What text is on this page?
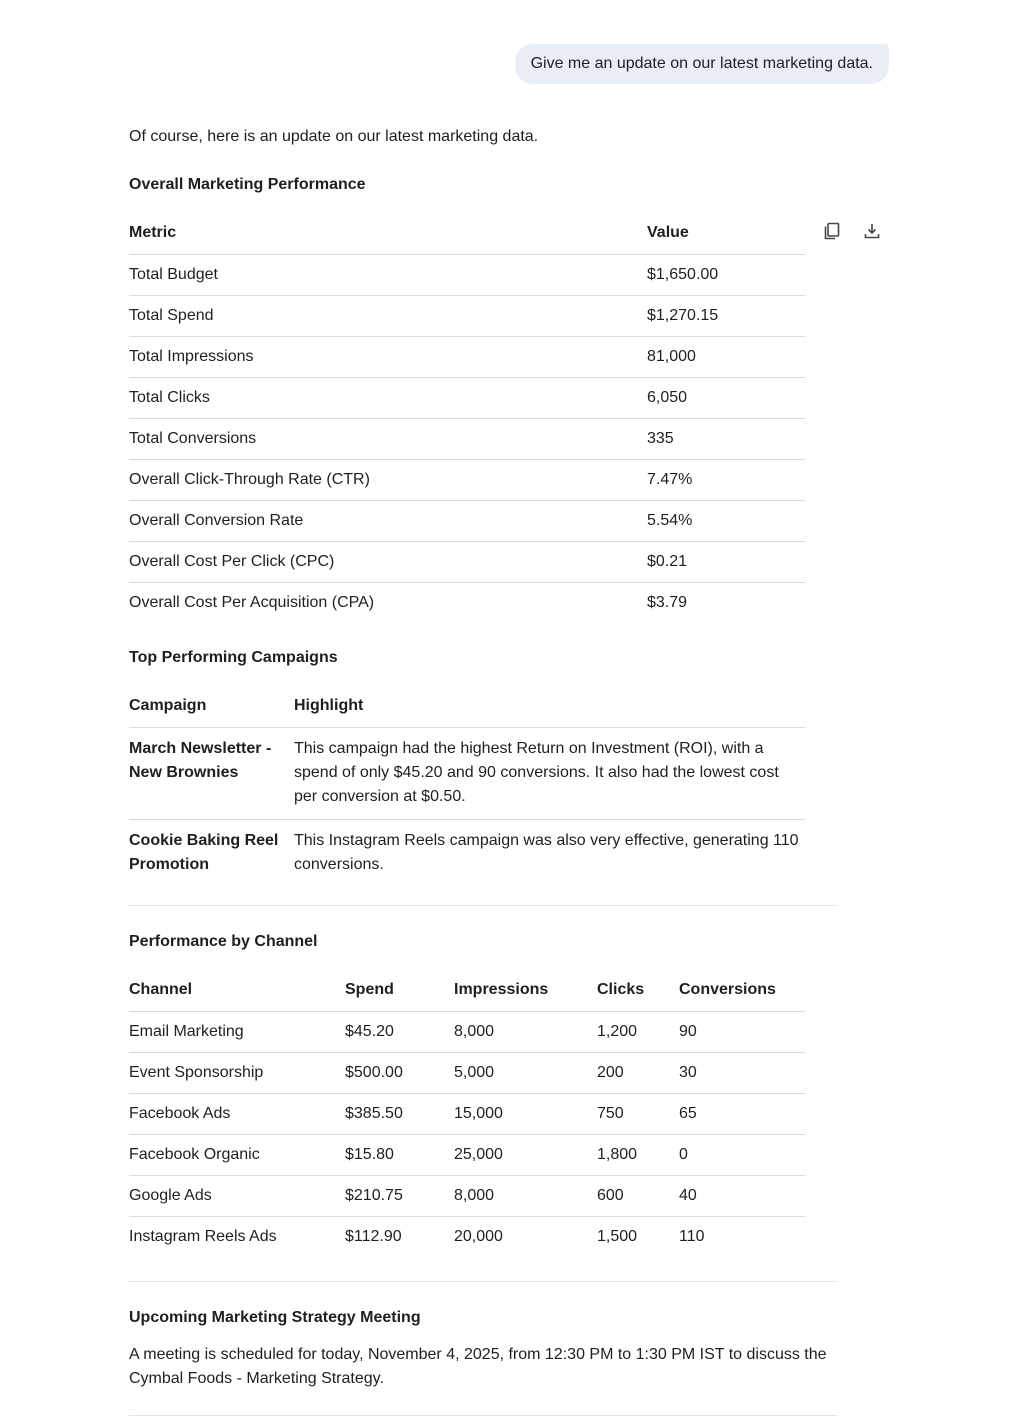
Give me an update on our latest marketing data.

Of course, here is an update on our latest marketing data.

Overall Marketing Performance
Metric	Value
Total Budget	$1,650.00
Total Spend	$1,270.15
Total Impressions	81,000
Total Clicks	6,050
Total Conversions	335
Overall Click-Through Rate (CTR)	7.47%
Overall Conversion Rate	5.54%
Overall Cost Per Click (CPC)	$0.21
Overall Cost Per Acquisition (CPA)	$3.79
Top Performing Campaigns
Campaign	Highlight
March Newsletter - New Brownies	This campaign had the highest Return on Investment (ROI), with a spend of only $45.20 and 90 conversions. It also had the lowest cost per conversion at $0.50.
Cookie Baking Reel Promotion	This Instagram Reels campaign was also very effective, generating 110 conversions.
Performance by Channel
Channel	Spend	Impressions	Clicks	Conversions
Email Marketing	$45.20	8,000	1,200	90
Event Sponsorship	$500.00	5,000	200	30
Facebook Ads	$385.50	15,000	750	65
Facebook Organic	$15.80	25,000	1,800	0
Google Ads	$210.75	8,000	600	40
Instagram Reels Ads	$112.90	20,000	1,500	110
Upcoming Marketing Strategy Meeting

A meeting is scheduled for today, November 4, 2025, from 12:30 PM to 1:30 PM IST to discuss the Cymbal Foods - Marketing Strategy.
